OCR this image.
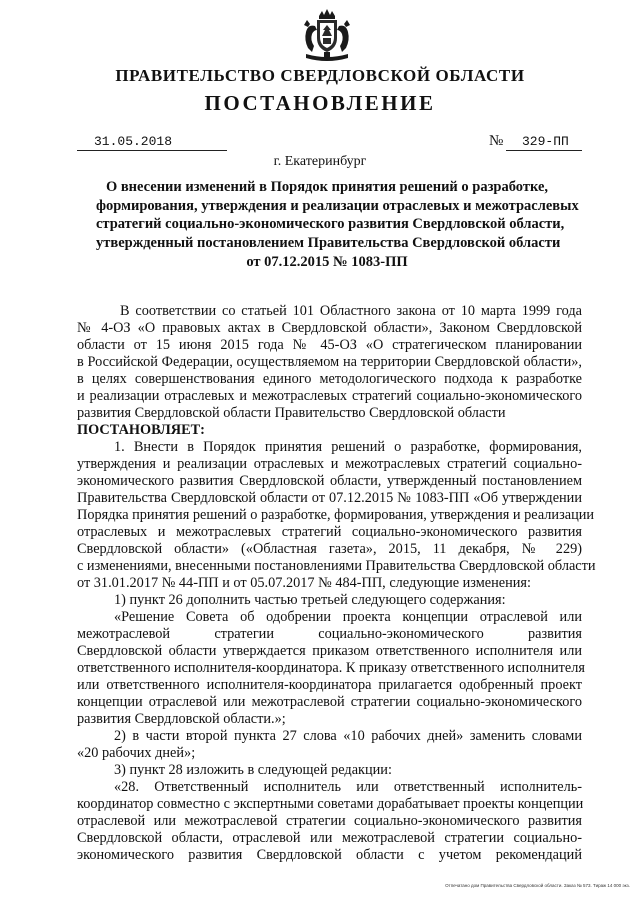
ПРАВИТЕЛЬСТВО СВЕРДЛОВСКОЙ ОБЛАСТИ
ПОСТАНОВЛЕНИЕ
31.05.2018	№	329-ПП
г. Екатеринбург
О внесении изменений в Порядок принятия решений о разработке,
формирования, утверждения и реализации отраслевых и межотраслевых
стратегий социально-экономического развития Свердловской области,
утвержденный постановлением Правительства Свердловской области
от 07.12.2015 № 1083-ПП
В соответствии со статьей 101 Областного закона от 10 марта 1999 года
№ 4-ОЗ «О правовых актах в Свердловской области», Законом Свердловской
области от 15 июня 2015 года № 45-ОЗ «О стратегическом планировании
в Российской Федерации, осуществляемом на территории Свердловской области»,
в целях совершенствования единого методологического подхода к разработке
и реализации отраслевых и межотраслевых стратегий социально-экономического
развития Свердловской области Правительство Свердловской области
ПОСТАНОВЛЯЕТ:
1. Внести в Порядок принятия решений о разработке, формирования,
утверждения и реализации отраслевых и межотраслевых стратегий социально-
экономического развития Свердловской области, утвержденный постановлением
Правительства Свердловской области от 07.12.2015 № 1083-ПП «Об утверждении
Порядка принятия решений о разработке, формирования, утверждения и реализации
отраслевых и межотраслевых стратегий социально-экономического развития
Свердловской области» («Областная газета», 2015, 11 декабря, № 229)
с изменениями, внесенными постановлениями Правительства Свердловской области
от 31.01.2017 № 44-ПП и от 05.07.2017 № 484-ПП, следующие изменения:
1) пункт 26 дополнить частью третьей следующего содержания:
«Решение Совета об одобрении проекта концепции отраслевой или
межотраслевой стратегии социально-экономического развития
Свердловской области утверждается приказом ответственного исполнителя или
ответственного исполнителя-координатора. К приказу ответственного исполнителя
или ответственного исполнителя-координатора прилагается одобренный проект
концепции отраслевой или межотраслевой стратегии социально-экономического
развития Свердловской области.»;
2) в части второй пункта 27 слова «10 рабочих дней» заменить словами
«20 рабочих дней»;
3) пункт 28 изложить в следующей редакции:
«28. Ответственный исполнитель или ответственный исполнитель-
координатор совместно с экспертными советами дорабатывает проекты концепции
отраслевой или межотраслевой стратегии социально-экономического развития
Свердловской области, отраслевой или межотраслевой стратегии социально-
экономического развития Свердловской области с учетом рекомендаций
Отпечатано дом Правительства Свердловской области. Заказ № 573. Тираж 14 000 экз.
